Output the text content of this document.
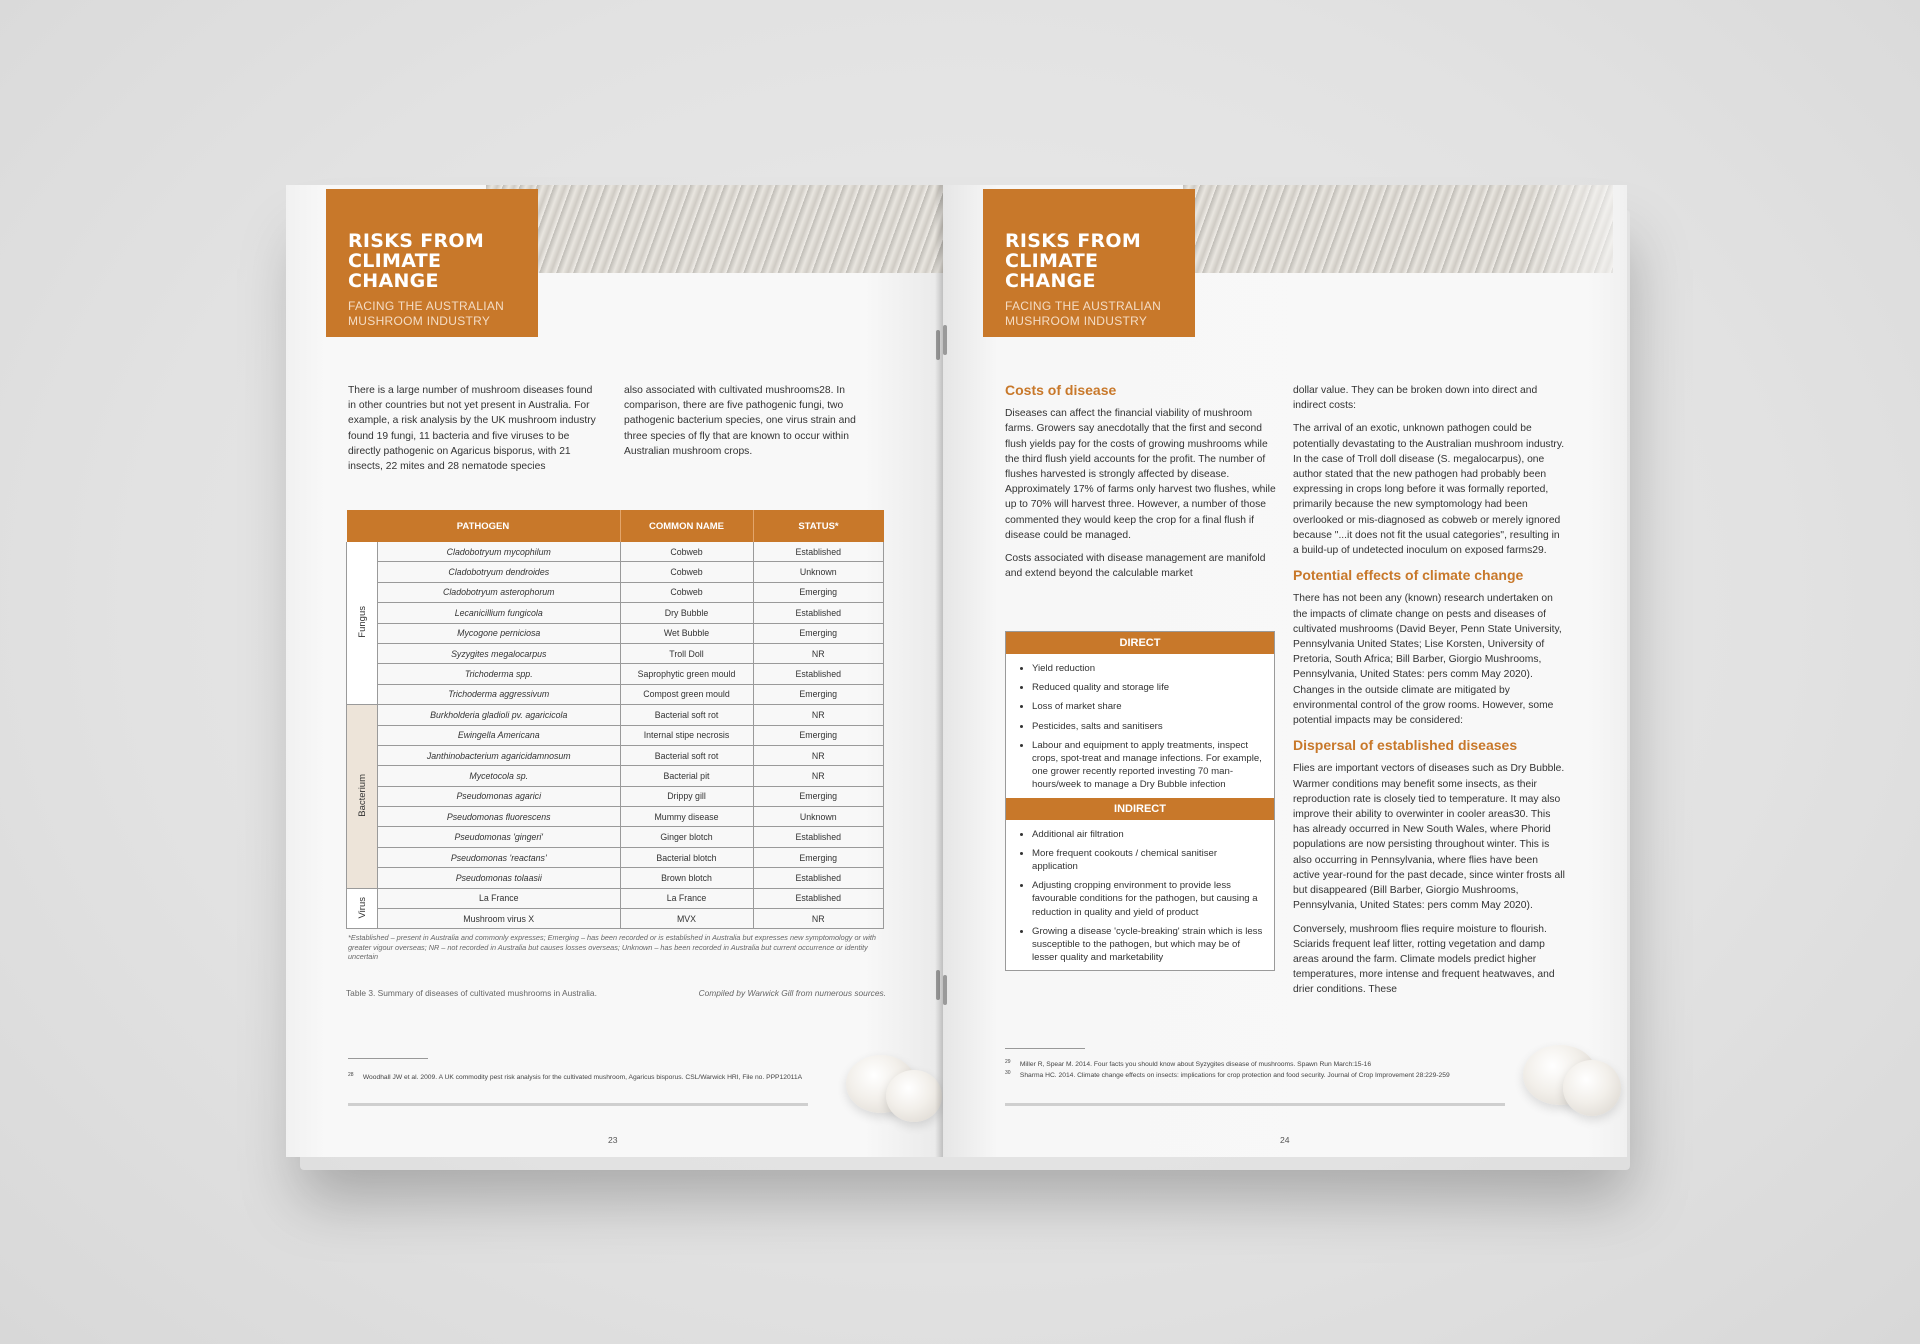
RISKS FROM CLIMATE CHANGE
FACING THE AUSTRALIAN MUSHROOM INDUSTRY

There is a large number of mushroom diseases found in other countries but not yet present in Australia. For example, a risk analysis by the UK mushroom industry found 19 fungi, 11 bacteria and five viruses to be directly pathogenic on Agaricus bisporus, with 21 insects, 22 mites and 28 nematode species

also associated with cultivated mushrooms28. In comparison, there are five pathogenic fungi, two pathogenic bacterium species, one virus strain and three species of fly that are known to occur within Australian mushroom crops.

PATHOGEN		COMMON NAME	STATUS*
Fungus	Cladobotryum mycophilum	Cobweb	Established
	Cladobotryum dendroides	Cobweb	Unknown
	Cladobotryum asterophorum	Cobweb	Emerging
	Lecanicillium fungicola	Dry Bubble	Established
	Mycogone perniciosa	Wet Bubble	Emerging
	Syzygites megalocarpus	Troll Doll	NR
	Trichoderma spp.	Saprophytic green mould	Established
	Trichoderma aggressivum	Compost green mould	Emerging
Bacterium	Burkholderia gladioli pv. agaricicola	Bacterial soft rot	NR
	Ewingella Americana	Internal stipe necrosis	Emerging
	Janthinobacterium agaricidamnosum	Bacterial soft rot	NR
	Mycetocola sp.	Bacterial pit	NR
	Pseudomonas agarici	Drippy gill	Emerging
	Pseudomonas fluorescens	Mummy disease	Unknown
	Pseudomonas 'gingeri'	Ginger blotch	Established
	Pseudomonas 'reactans'	Bacterial blotch	Emerging
	Pseudomonas tolaasii	Brown blotch	Established
Virus	La France	La France	Established
	Mushroom virus X	MVX	NR
*Established – present in Australia and commonly expresses; Emerging – has been recorded or is established in Australia but expresses new symptomology or with greater vigour overseas; NR – not recorded in Australia but causes losses overseas; Unknown – has been recorded in Australia but current occurrence or identity uncertain
Table 3. Summary of diseases of cultivated mushrooms in Australia.	Compiled by Warwick Gill from numerous sources.
$^{28}$ Woodhall JW et al. 2009. A UK commodity pest risk analysis for the cultivated mushroom, Agaricus bisporus. CSL/Warwick HRI, File no. PPP12011A
23
RISKS FROM CLIMATE CHANGE
FACING THE AUSTRALIAN MUSHROOM INDUSTRY
Costs of disease

Diseases can affect the financial viability of mushroom farms. Growers say anecdotally that the first and second flush yields pay for the costs of growing mushrooms while the third flush yield accounts for the profit. The number of flushes harvested is strongly affected by disease. Approximately 17% of farms only harvest two flushes, while up to 70% will harvest three. However, a number of those commented they would keep the crop for a final flush if disease could be managed.

Costs associated with disease management are manifold and extend beyond the calculable market

DIRECT
• Yield reduction
• Reduced quality and storage life
• Loss of market share
• Pesticides, salts and sanitisers
• Labour and equipment to apply treatments, inspect crops, spot-treat and manage infections. For example, one grower recently reported investing 70 man-hours/week to manage a Dry Bubble infection
INDIRECT
• Additional air filtration
• More frequent cookouts / chemical sanitiser application
• Adjusting cropping environment to provide less favourable conditions for the pathogen, but causing a reduction in quality and yield of product
• Growing a disease 'cycle-breaking' strain which is less susceptible to the pathogen, but which may be of lesser quality and marketability

dollar value. They can be broken down into direct and indirect costs:

The arrival of an exotic, unknown pathogen could be potentially devastating to the Australian mushroom industry. In the case of Troll doll disease (S. megalocarpus), one author stated that the new pathogen had probably been expressing in crops long before it was formally reported, primarily because the new symptomology had been overlooked or mis-diagnosed as cobweb or merely ignored because "...it does not fit the usual categories", resulting in a build-up of undetected inoculum on exposed farms29.

Potential effects of climate change

There has not been any (known) research undertaken on the impacts of climate change on pests and diseases of cultivated mushrooms (David Beyer, Penn State University, Pennsylvania United States; Lise Korsten, University of Pretoria, South Africa; Bill Barber, Giorgio Mushrooms, Pennsylvania, United States: pers comm May 2020). Changes in the outside climate are mitigated by environmental control of the grow rooms. However, some potential impacts may be considered:

Dispersal of established diseases

Flies are important vectors of diseases such as Dry Bubble. Warmer conditions may benefit some insects, as their reproduction rate is closely tied to temperature. It may also improve their ability to overwinter in cooler areas30. This has already occurred in New South Wales, where Phorid populations are now persisting throughout winter. This is also occurring in Pennsylvania, where flies have been active year-round for the past decade, since winter frosts all but disappeared (Bill Barber, Giorgio Mushrooms, Pennsylvania, United States: pers comm May 2020).

Conversely, mushroom flies require moisture to flourish. Sciarids frequent leaf litter, rotting vegetation and damp areas around the farm. Climate models predict higher temperatures, more intense and frequent heatwaves, and drier conditions. These

$^{29}$ Miller R, Spear M. 2014. Four facts you should know about Syzygites disease of mushrooms. Spawn Run March:15-16
$^{30}$ Sharma HC. 2014. Climate change effects on insects: implications for crop protection and food security. Journal of Crop Improvement 28:229-259
24
